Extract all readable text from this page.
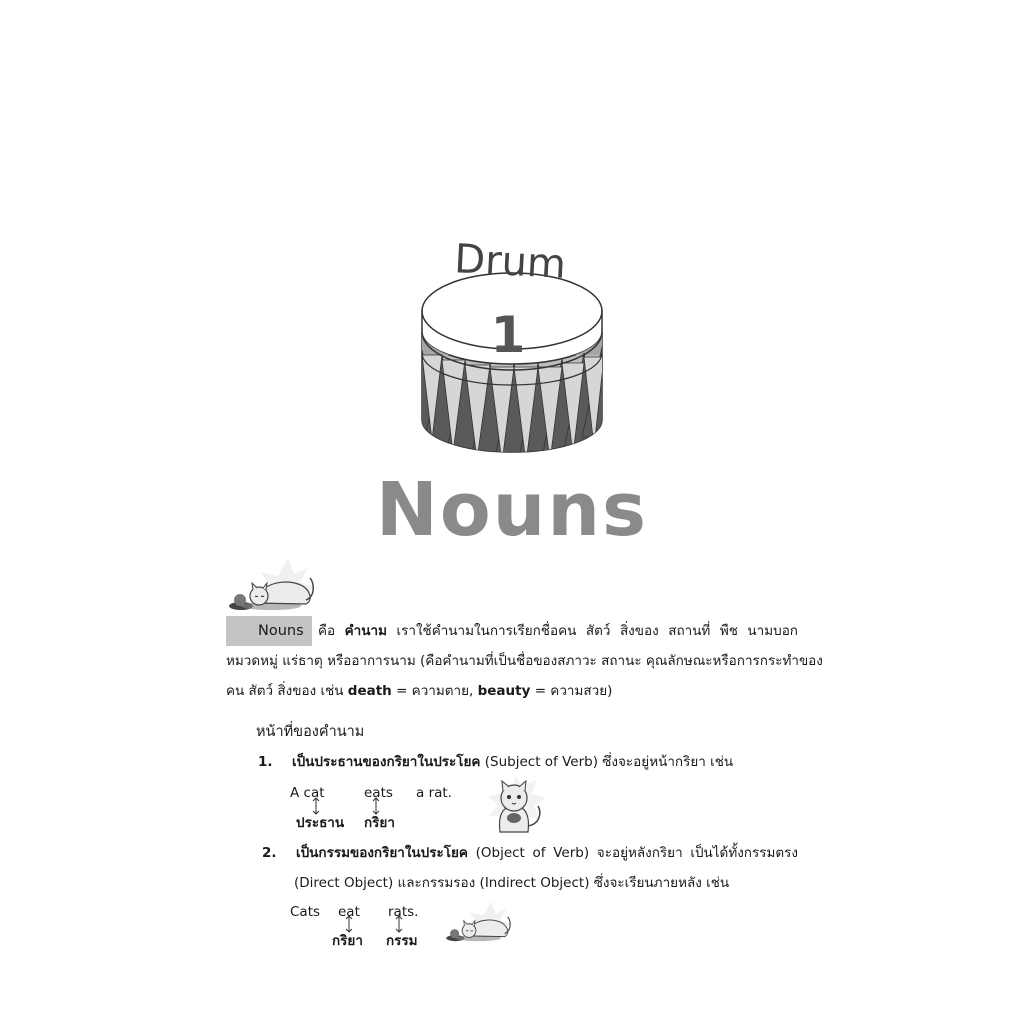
Drum
1
Nouns
Nouns คือ คำนาม เราใช้คำนามในการเรียกชื่อคน สัตว์ สิ่งของ สถานที่ พืช นามบอก
หมวดหมู่ แร่ธาตุ หรืออาการนาม (คือคำนามที่เป็นชื่อของสภาวะ สถานะ คุณลักษณะหรือการกระทำของ
คน สัตว์ สิ่งของ เช่น death = ความตาย, beauty = ความสวย)
หน้าที่ของคำนาม
1. เป็นประธานของกริยาในประโยค (Subject of Verb) ซึ่งจะอยู่หน้ากริยา เช่น
A cat	eats a rat.
ประธาน กริยา
2. เป็นกรรมของกริยาในประโยค (Object of Verb) จะอยู่หลังกริยา เป็นได้ทั้งกรรมตรง
(Direct Object) และกรรมรอง (Indirect Object) ซึ่งจะเรียนภายหลัง เช่น
Cats eat rats.
กริยา กรรม
